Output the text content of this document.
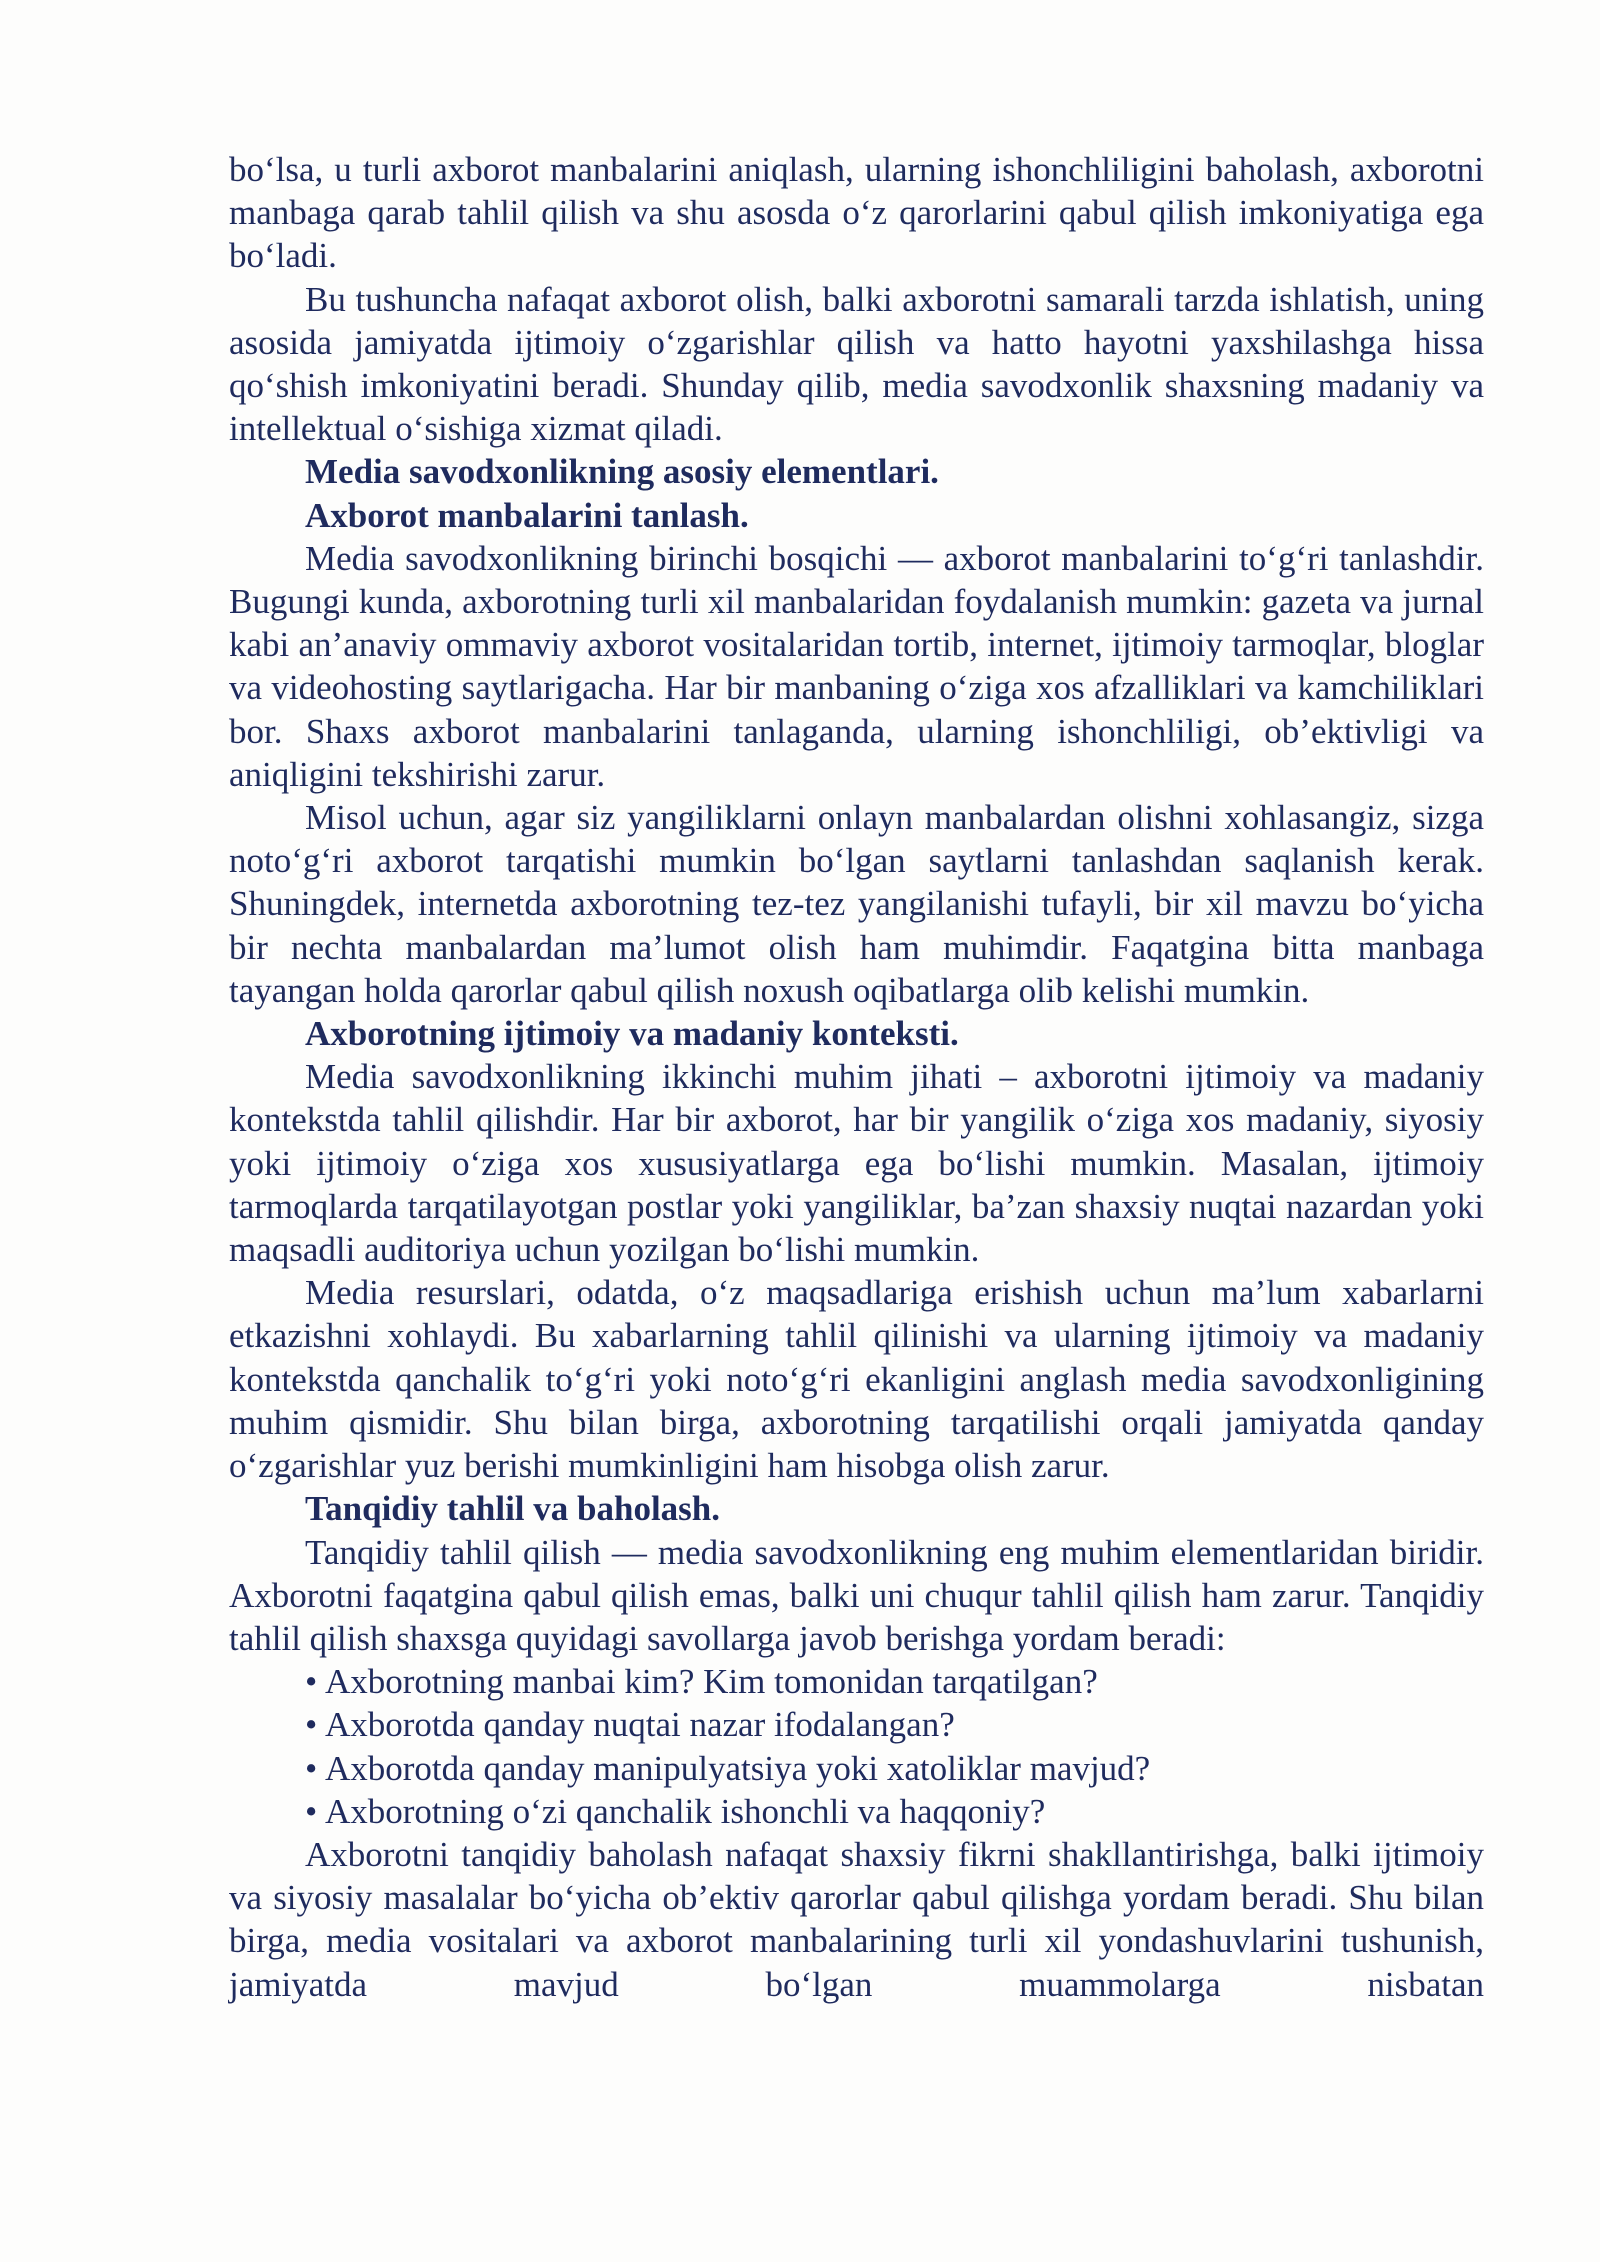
bo‘lsa, u turli axborot manbalarini aniqlash, ularning ishonchliligini baholash, axborotni manbaga qarab tahlil qilish va shu asosda o‘z qarorlarini qabul qilish imkoniyatiga ega bo‘ladi.

Bu tushuncha nafaqat axborot olish, balki axborotni samarali tarzda ishlatish, uning asosida jamiyatda ijtimoiy o‘zgarishlar qilish va hatto hayotni yaxshilashga hissa qo‘shish imkoniyatini beradi. Shunday qilib, media savodxonlik shaxsning madaniy va intellektual o‘sishiga xizmat qiladi.

Media savodxonlikning asosiy elementlari.
Axborot manbalarini tanlash.

Media savodxonlikning birinchi bosqichi — axborot manbalarini to‘g‘ri tanlashdir. Bugungi kunda, axborotning turli xil manbalaridan foydalanish mumkin: gazeta va jurnal kabi an’anaviy ommaviy axborot vositalaridan tortib, internet, ijtimoiy tarmoqlar, bloglar va videohosting saytlarigacha. Har bir manbaning o‘ziga xos afzalliklari va kamchiliklari bor. Shaxs axborot manbalarini tanlaganda, ularning ishonchliligi, ob’ektivligi va aniqligini tekshirishi zarur.

Misol uchun, agar siz yangiliklarni onlayn manbalardan olishni xohlasangiz, sizga noto‘g‘ri axborot tarqatishi mumkin bo‘lgan saytlarni tanlashdan saqlanish kerak. Shuningdek, internetda axborotning tez-tez yangilanishi tufayli, bir xil mavzu bo‘yicha bir nechta manbalardan ma’lumot olish ham muhimdir. Faqatgina bitta manbaga tayangan holda qarorlar qabul qilish noxush oqibatlarga olib kelishi mumkin.

Axborotning ijtimoiy va madaniy konteksti.

Media savodxonlikning ikkinchi muhim jihati – axborotni ijtimoiy va madaniy kontekstda tahlil qilishdir. Har bir axborot, har bir yangilik o‘ziga xos madaniy, siyosiy yoki ijtimoiy o‘ziga xos xususiyatlarga ega bo‘lishi mumkin. Masalan, ijtimoiy tarmoqlarda tarqatilayotgan postlar yoki yangiliklar, ba’zan shaxsiy nuqtai nazardan yoki maqsadli auditoriya uchun yozilgan bo‘lishi mumkin.

Media resurslari, odatda, o‘z maqsadlariga erishish uchun ma’lum xabarlarni etkazishni xohlaydi. Bu xabarlarning tahlil qilinishi va ularning ijtimoiy va madaniy kontekstda qanchalik to‘g‘ri yoki noto‘g‘ri ekanligini anglash media savodxonligining muhim qismidir. Shu bilan birga, axborotning tarqatilishi orqali jamiyatda qanday o‘zgarishlar yuz berishi mumkinligini ham hisobga olish zarur.

Tanqidiy tahlil va baholash.

Tanqidiy tahlil qilish — media savodxonlikning eng muhim elementlaridan biridir. Axborotni faqatgina qabul qilish emas, balki uni chuqur tahlil qilish ham zarur. Tanqidiy tahlil qilish shaxsga quyidagi savollarga javob berishga yordam beradi:

• Axborotning manbai kim? Kim tomonidan tarqatilgan?
• Axborotda qanday nuqtai nazar ifodalangan?
• Axborotda qanday manipulyatsiya yoki xatoliklar mavjud?
• Axborotning o‘zi qanchalik ishonchli va haqqoniy?

Axborotni tanqidiy baholash nafaqat shaxsiy fikrni shakllantirishga, balki ijtimoiy va siyosiy masalalar bo‘yicha ob’ektiv qarorlar qabul qilishga yordam beradi. Shu bilan birga, media vositalari va axborot manbalarining turli xil yondashuvlarini tushunish, jamiyatda mavjud bo‘lgan muammolarga nisbatan
